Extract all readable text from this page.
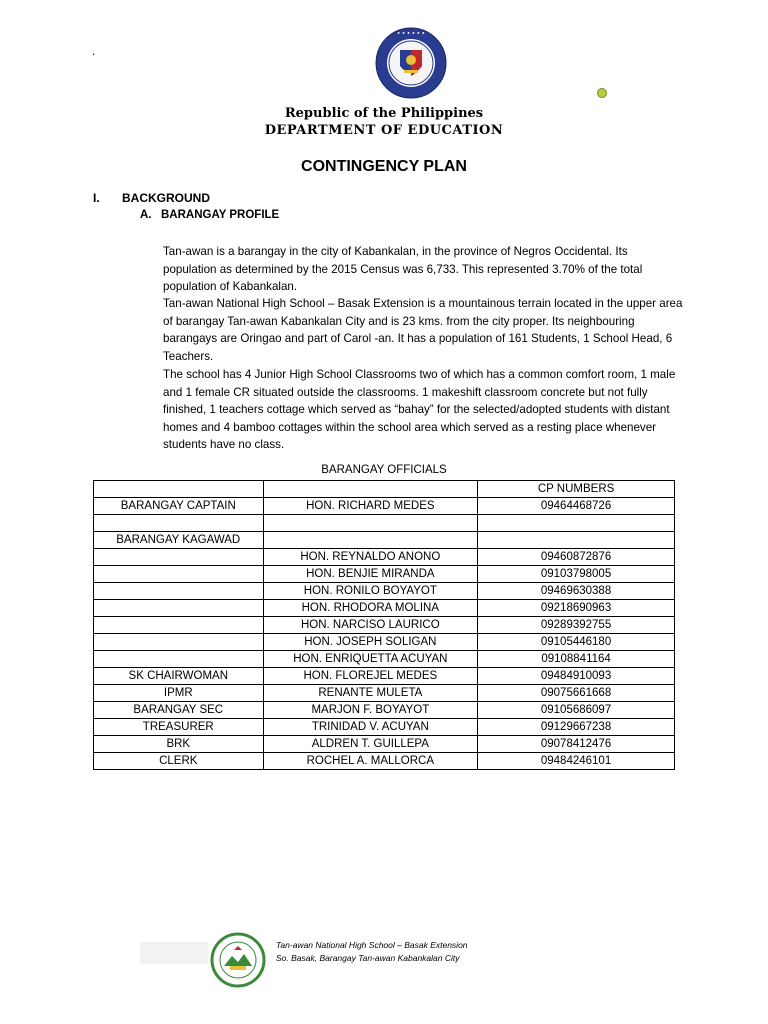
.
• • • • • •
Republic of the Philippines
DEPARTMENT OF EDUCATION
CONTINGENCY PLAN
I. BACKGROUND
A. BARANGAY PROFILE
Tan-awan is a barangay in the city of Kabankalan, in the province of Negros Occidental. Its population as determined by the 2015 Census was 6,733. This represented 3.70% of the total population of Kabankalan.
Tan-awan National High School – Basak Extension is a mountainous terrain located in the upper area of barangay Tan-awan Kabankalan City and is 23 kms. from the city proper. Its neighbouring barangays are Oringao and part of Carol -an. It has a population of 161 Students, 1 School Head, 6 Teachers.
The school has 4 Junior High School Classrooms two of which has a common comfort room, 1 male and 1 female CR situated outside the classrooms. 1 makeshift classroom concrete but not fully finished, 1 teachers cottage which served as “bahay” for the selected/adopted students with distant homes and 4 bamboo cottages within the school area which served as a resting place whenever students have no class.
BARANGAY OFFICIALS
		CP NUMBERS
BARANGAY CAPTAIN	HON. RICHARD MEDES	09464468726

BARANGAY KAGAWAD		
	HON. REYNALDO ANONO	09460872876
	HON. BENJIE MIRANDA	09103798005
	HON. RONILO BOYAYOT	09469630388
	HON. RHODORA MOLINA	09218690963
	HON. NARCISO LAURICO	09289392755
	HON. JOSEPH SOLIGAN	09105446180
	HON. ENRIQUETTA ACUYAN	09108841164
SK CHAIRWOMAN	HON. FLOREJEL MEDES	09484910093
IPMR	RENANTE MULETA	09075661668
BARANGAY SEC	MARJON F. BOYAYOT	09105686097
TREASURER	TRINIDAD V. ACUYAN	09129667238
BRK	ALDREN T. GUILLEPA	09078412476
CLERK	ROCHEL A. MALLORCA	09484246101
Tan-awan National High School – Basak Extension
So. Basak, Barangay Tan-awan Kabankalan City
